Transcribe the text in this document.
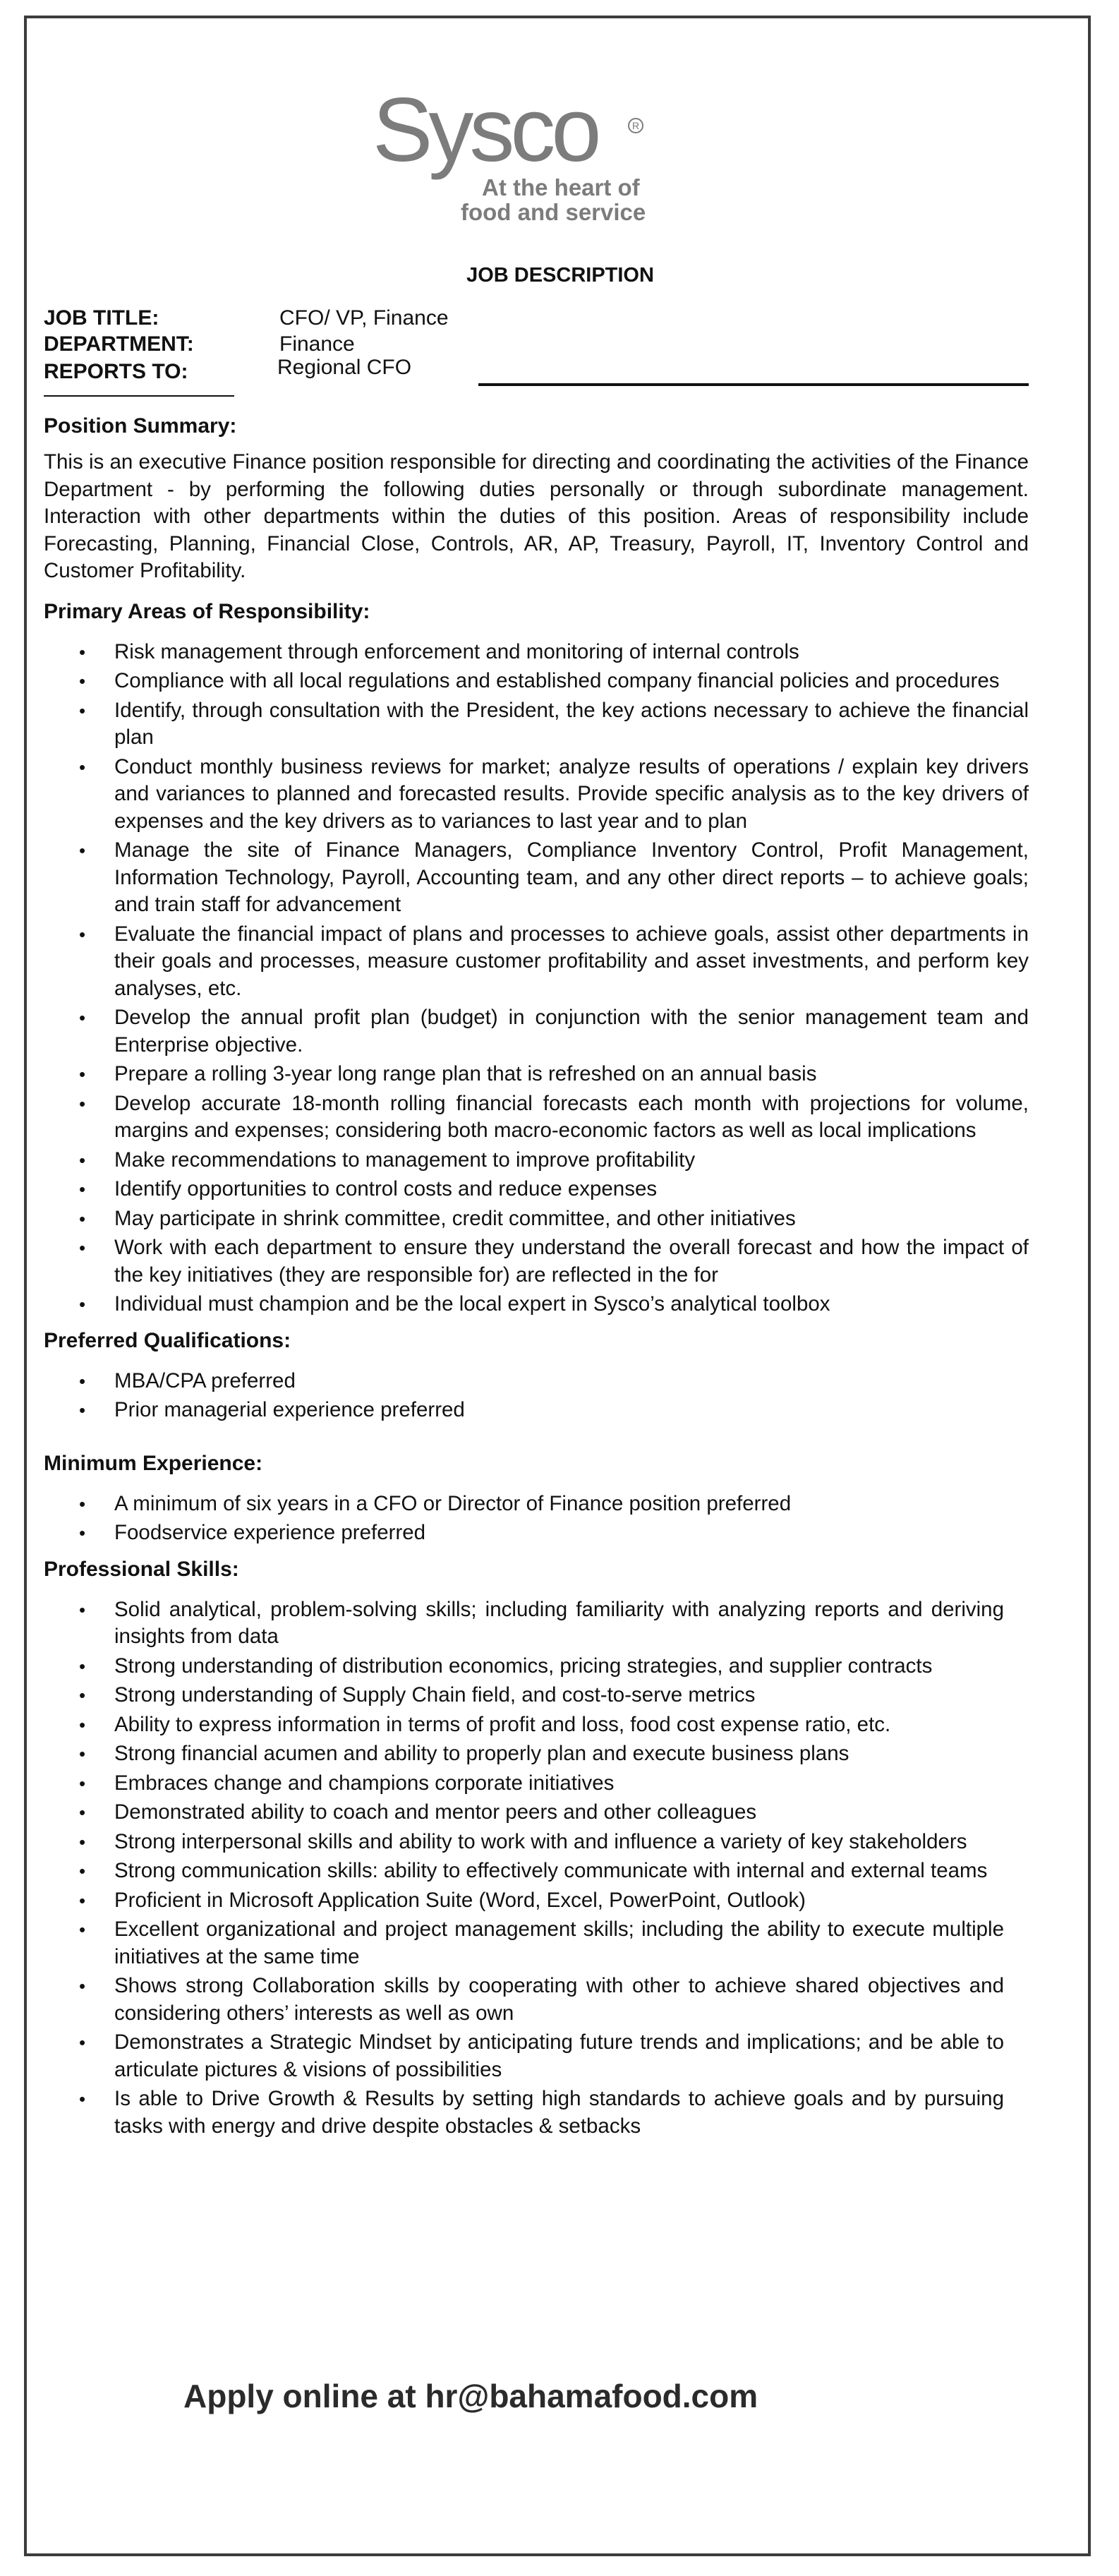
Sysco	R
At the heart of
food and service
JOB DESCRIPTION
JOB TITLE:	CFO/ VP, Finance
DEPARTMENT:	Finance
REPORTS TO:	Regional CFO

Position Summary:

This is an executive Finance position responsible for directing and coordinating the activities of the Finance Department - by performing the following duties personally or through subordinate management. Interaction with other departments within the duties of this position. Areas of responsibility include Forecasting, Planning, Financial Close, Controls, AR, AP, Treasury, Payroll, IT, Inventory Control and Customer Profitability.

Primary Areas of Responsibility:

• Risk management through enforcement and monitoring of internal controls
• Compliance with all local regulations and established company financial policies and procedures
• Identify, through consultation with the President, the key actions necessary to achieve the financial plan
• Conduct monthly business reviews for market; analyze results of operations / explain key drivers and variances to planned and forecasted results. Provide specific analysis as to the key drivers of expenses and the key drivers as to variances to last year and to plan
• Manage the site of Finance Managers, Compliance Inventory Control, Profit Management, Information Technology, Payroll, Accounting team, and any other direct reports – to achieve goals; and train staff for advancement
• Evaluate the financial impact of plans and processes to achieve goals, assist other departments in their goals and processes, measure customer profitability and asset investments, and perform key analyses, etc.
• Develop the annual profit plan (budget) in conjunction with the senior management team and Enterprise objective.
• Prepare a rolling 3-year long range plan that is refreshed on an annual basis
• Develop accurate 18-month rolling financial forecasts each month with projections for volume, margins and expenses; considering both macro-economic factors as well as local implications
• Make recommendations to management to improve profitability
• Identify opportunities to control costs and reduce expenses
• May participate in shrink committee, credit committee, and other initiatives
• Work with each department to ensure they understand the overall forecast and how the impact of the key initiatives (they are responsible for) are reflected in the for
• Individual must champion and be the local expert in Sysco’s analytical toolbox

Preferred Qualifications:

• MBA/CPA preferred
• Prior managerial experience preferred

Minimum Experience:

• A minimum of six years in a CFO or Director of Finance position preferred
• Foodservice experience preferred

Professional Skills:

• Solid analytical, problem-solving skills; including familiarity with analyzing reports and deriving insights from data
• Strong understanding of distribution economics, pricing strategies, and supplier contracts
• Strong understanding of Supply Chain field, and cost-to-serve metrics
• Ability to express information in terms of profit and loss, food cost expense ratio, etc.
• Strong financial acumen and ability to properly plan and execute business plans
• Embraces change and champions corporate initiatives
• Demonstrated ability to coach and mentor peers and other colleagues
• Strong interpersonal skills and ability to work with and influence a variety of key stakeholders
• Strong communication skills: ability to effectively communicate with internal and external teams
• Proficient in Microsoft Application Suite (Word, Excel, PowerPoint, Outlook)
• Excellent organizational and project management skills; including the ability to execute multiple initiatives at the same time
• Shows strong Collaboration skills by cooperating with other to achieve shared objectives and considering others’ interests as well as own
• Demonstrates a Strategic Mindset by anticipating future trends and implications; and be able to articulate pictures & visions of possibilities
• Is able to Drive Growth & Results by setting high standards to achieve goals and by pursuing tasks with energy and drive despite obstacles & setbacks
Apply online at hr@bahamafood.com
